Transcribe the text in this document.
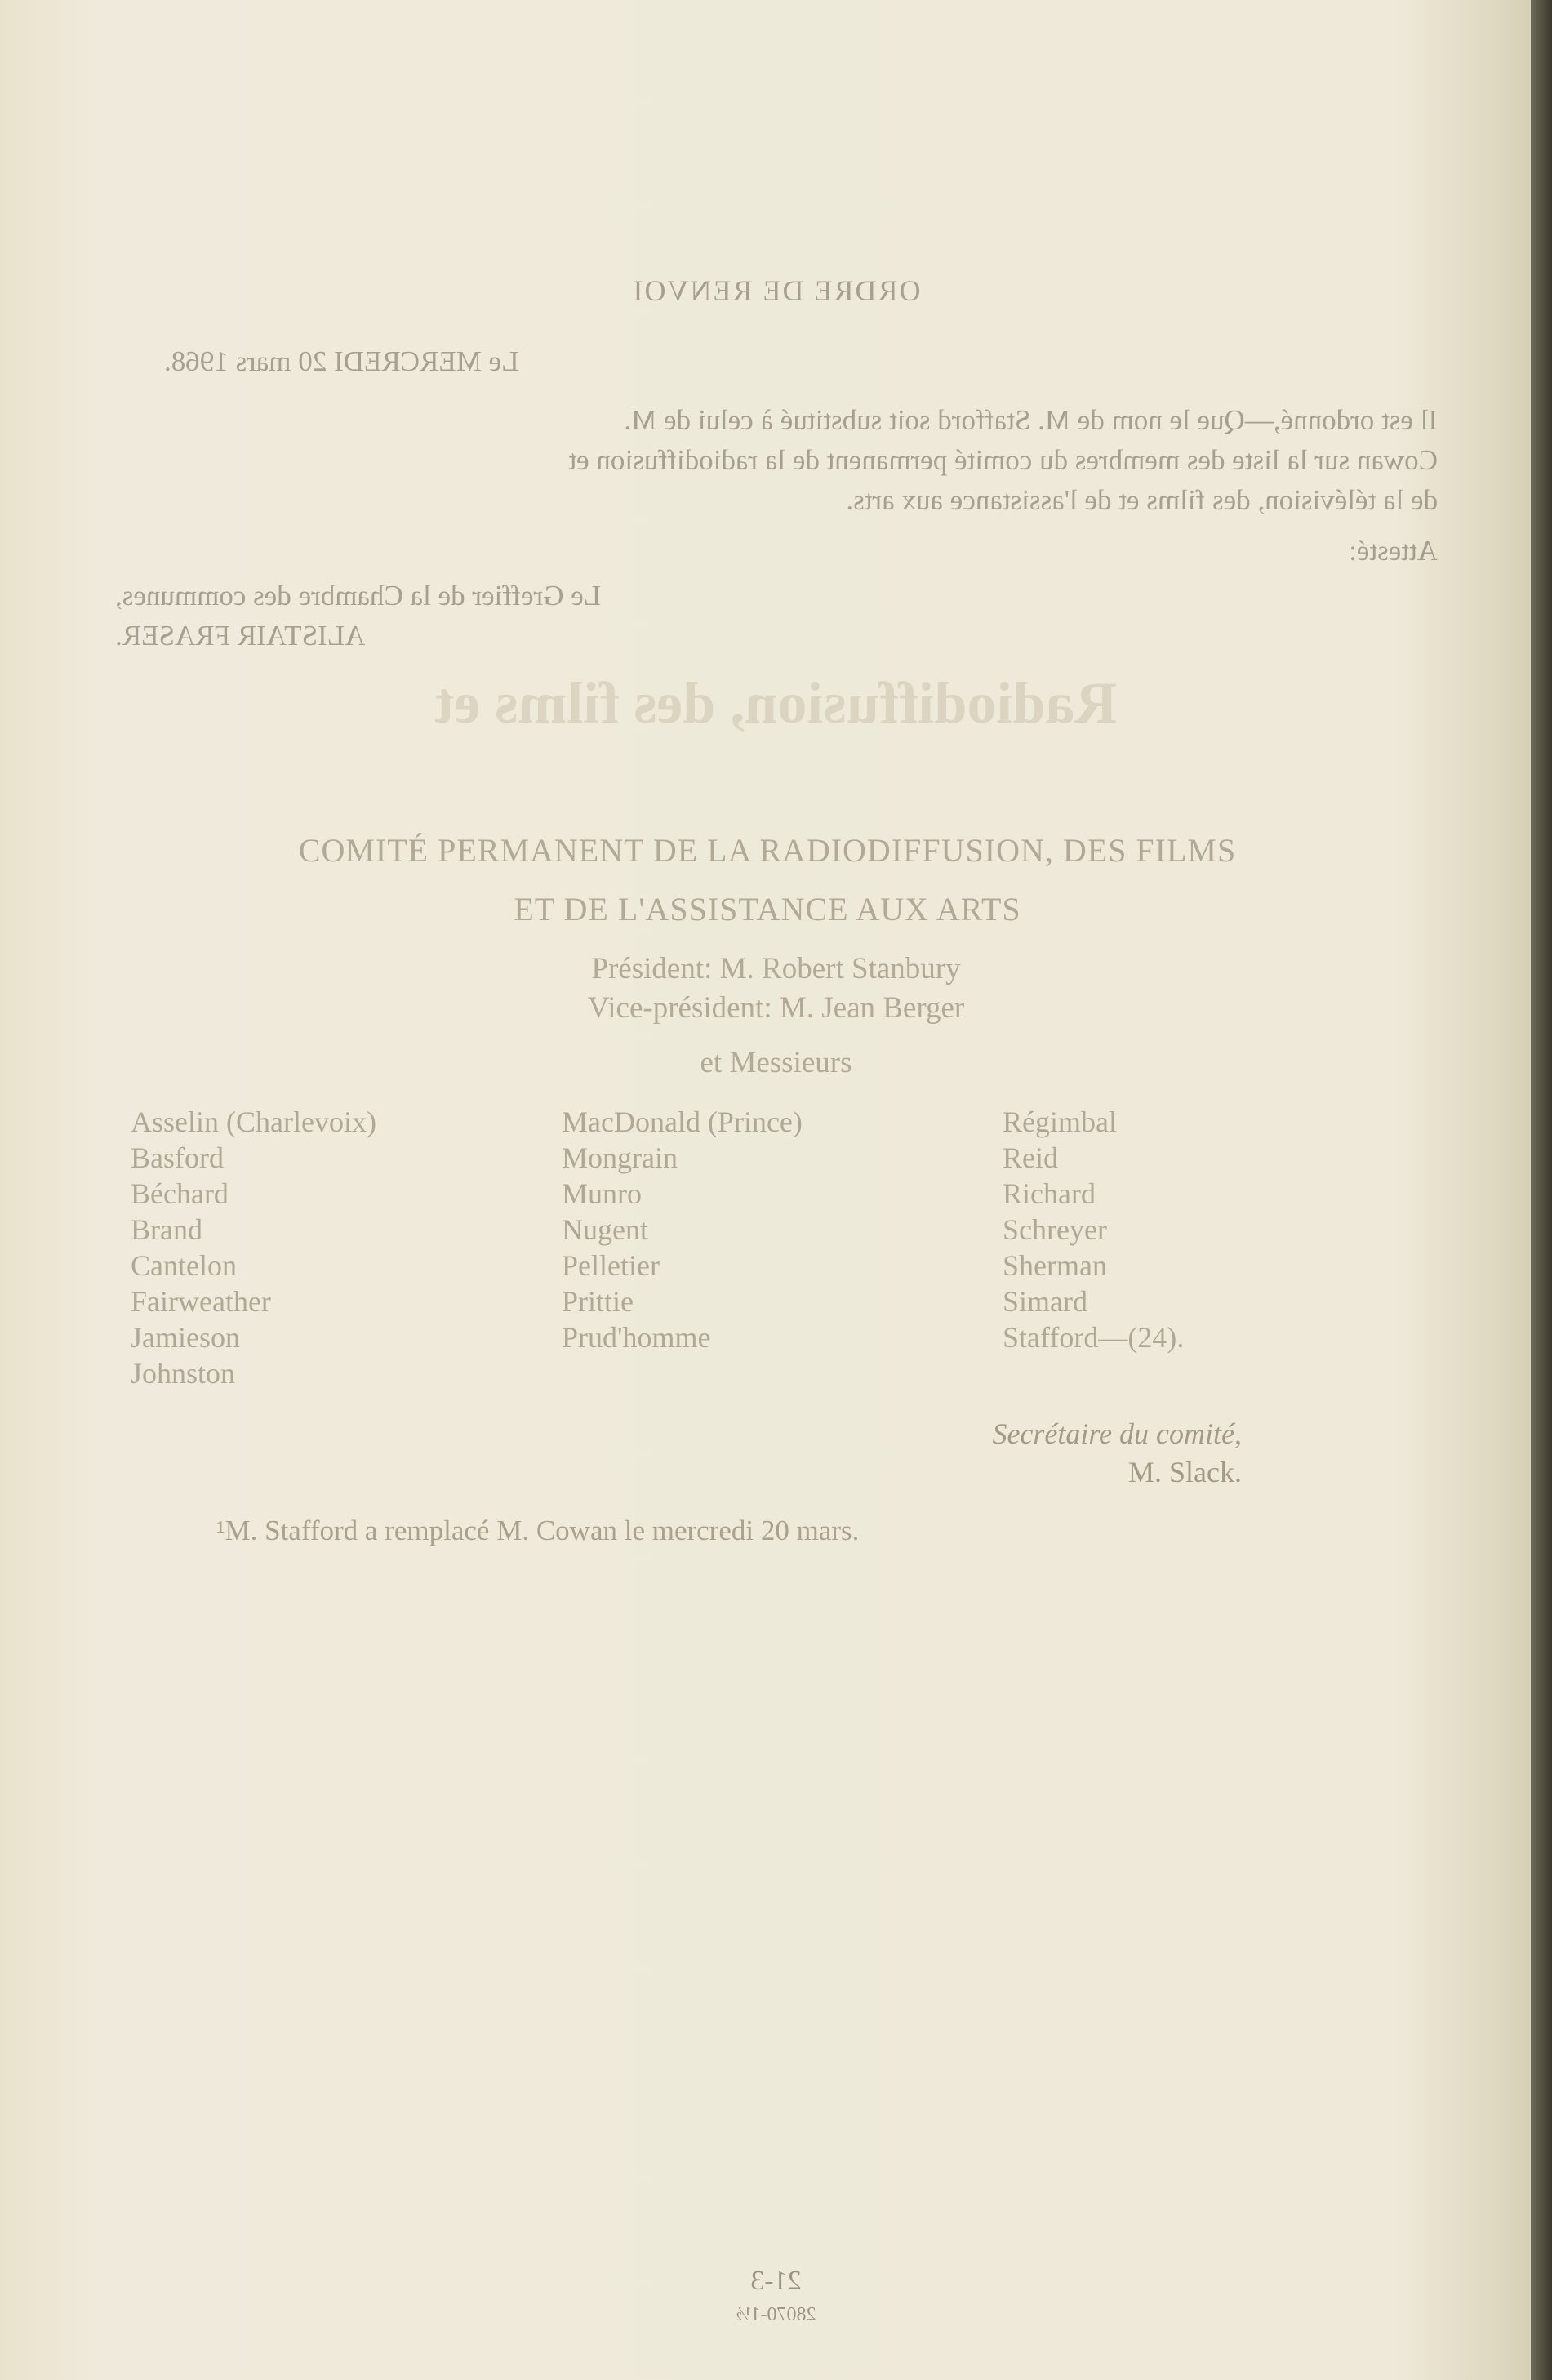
ORDRE DE RENVOI
Le MERCREDI 20 mars 1968.
Il est ordonné,—Que le nom de M. Stafford soit substitué à celui de M.
Cowan sur la liste des membres du comité permanent de la radiodiffusion et
de la télévision, des films et de l'assistance aux arts.
Attesté:
Le Greffier de la Chambre des communes,
ALISTAIR FRASER.
Radiodiffusion, des films et
COMITÉ PERMANENT DE LA RADIODIFFUSION, DES FILMS
ET DE L'ASSISTANCE AUX ARTS
Président: M. Robert Stanbury
Vice-président: M. Jean Berger
et Messieurs
Asselin (Charlevoix)
Basford
Béchard
Brand
Cantelon
Fairweather
Jamieson
Johnston
MacDonald (Prince)
Mongrain
Munro
Nugent
Pelletier
Prittie
Prud'homme
Régimbal
Reid
Richard
Schreyer
Sherman
Simard
Stafford—(24).
Secrétaire du comité,
M. Slack.
¹M. Stafford a remplacé M. Cowan le mercredi 20 mars.
21-3
28070-1½
